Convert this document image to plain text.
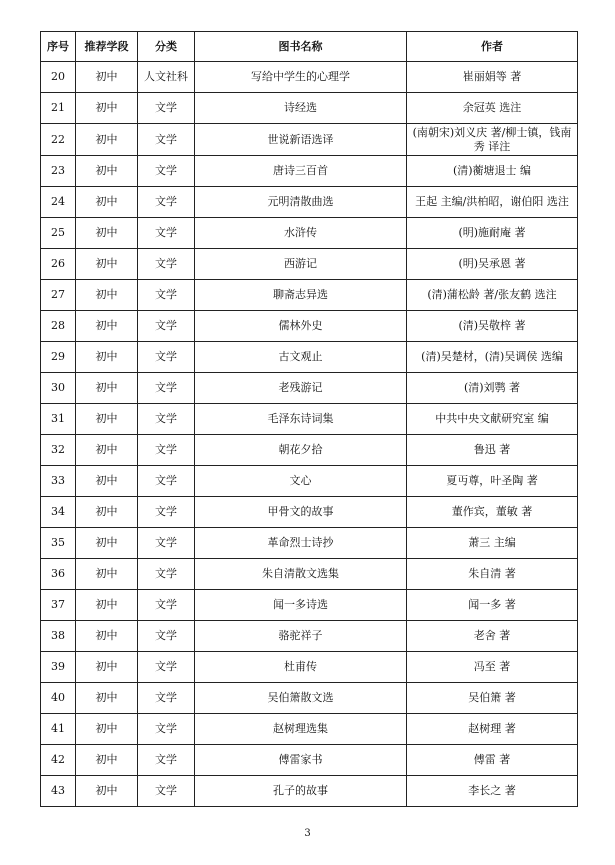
序号	推荐学段	分类	图书名称	作者
20	初中	人文社科	写给中学生的心理学	崔丽娟等 著
21	初中	文学	诗经选	余冠英 选注
22	初中	文学	世说新语选译	(南朝宋)刘义庆 著/柳士镇，钱南秀 译注
23	初中	文学	唐诗三百首	(清)蘅塘退士 编
24	初中	文学	元明清散曲选	王起 主编/洪柏昭，谢伯阳 选注
25	初中	文学	水浒传	(明)施耐庵 著
26	初中	文学	西游记	(明)吴承恩 著
27	初中	文学	聊斋志异选	(清)蒲松龄 著/张友鹤 选注
28	初中	文学	儒林外史	(清)吴敬梓 著
29	初中	文学	古文观止	(清)吴楚材，(清)吴调侯 选编
30	初中	文学	老残游记	(清)刘鹗 著
31	初中	文学	毛泽东诗词集	中共中央文献研究室 编
32	初中	文学	朝花夕拾	鲁迅 著
33	初中	文学	文心	夏丏尊，叶圣陶 著
34	初中	文学	甲骨文的故事	董作宾，董敏 著
35	初中	文学	革命烈士诗抄	萧三 主编
36	初中	文学	朱自清散文选集	朱自清 著
37	初中	文学	闻一多诗选	闻一多 著
38	初中	文学	骆驼祥子	老舍 著
39	初中	文学	杜甫传	冯至 著
40	初中	文学	吴伯箫散文选	吴伯箫 著
41	初中	文学	赵树理选集	赵树理 著
42	初中	文学	傅雷家书	傅雷 著
43	初中	文学	孔子的故事	李长之 著
3
